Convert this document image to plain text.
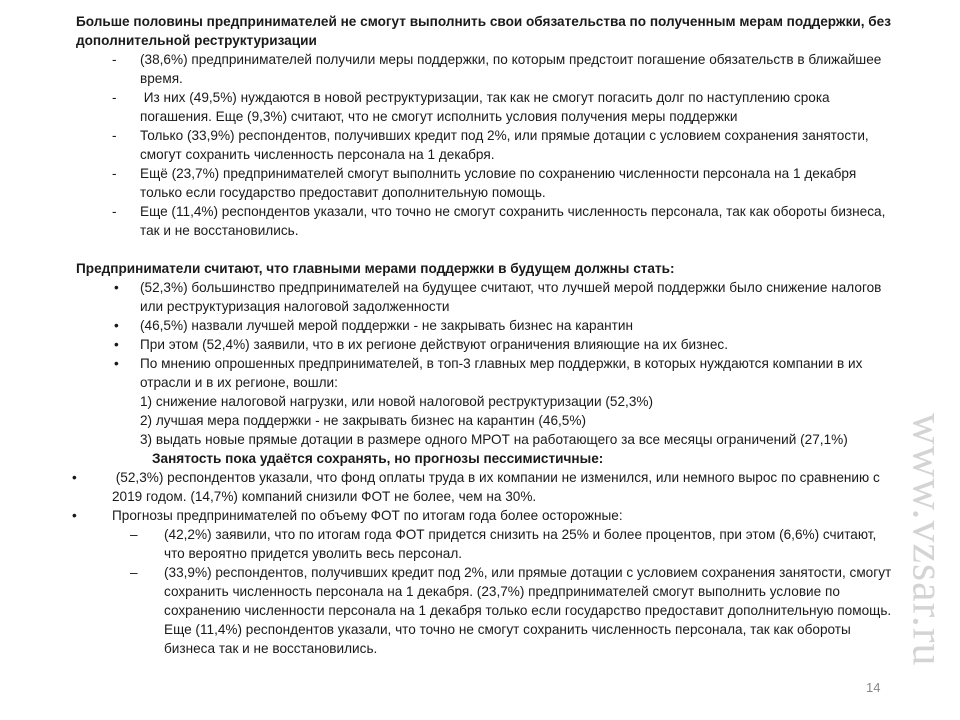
Больше половины предпринимателей не смогут выполнить свои обязательства по полученным мерам поддержки, без дополнительной реструктуризации

- (38,6%) предпринимателей получили меры поддержки, по которым предстоит погашение обязательств в ближайшее время.
- Из них (49,5%) нуждаются в новой реструктуризации, так как не смогут погасить долг по наступлению срока погашения. Еще (9,3%) считают, что не смогут исполнить условия получения меры поддержки
- Только (33,9%) респондентов, получивших кредит под 2%, или прямые дотации с условием сохранения занятости, смогут сохранить численность персонала на 1 декабря.
- Ещё (23,7%) предпринимателей смогут выполнить условие по сохранению численности персонала на 1 декабря только если государство предоставит дополнительную помощь.
- Еще (11,4%) респондентов указали, что точно не смогут сохранить численность персонала, так как обороты бизнеса, так и не восстановились.

Предприниматели считают, что главными мерами поддержки в будущем должны стать:

• (52,3%) большинство предпринимателей на будущее считают, что лучшей мерой поддержки было снижение налогов или реструктуризация налоговой задолженности
• (46,5%) назвали лучшей мерой поддержки - не закрывать бизнес на карантин
• При этом (52,4%) заявили, что в их регионе действуют ограничения влияющие на их бизнес.
• По мнению опрошенных предпринимателей, в топ-3 главных мер поддержки, в которых нуждаются компании в их отрасли и в их регионе, вошли:
1) снижение налоговой нагрузки, или новой налоговой реструктуризации (52,3%)
2) лучшая мера поддержки - не закрывать бизнес на карантин (46,5%)
3) выдать новые прямые дотации в размере одного МРОТ на работающего за все месяцы ограничений (27,1%)

Занятость пока удаётся сохранять, но прогнозы пессимистичные:

•	(52,3%) респондентов указали, что фонд оплаты труда в их компании не изменился, или немного вырос по сравнению с 2019 годом. (14,7%) компаний снизили ФОТ не более, чем на 30%.
•	Прогнозы предпринимателей по объему ФОТ по итогам года более осторожные:
– (42,2%) заявили, что по итогам года ФОТ придется снизить на 25% и более процентов, при этом (6,6%) считают, что вероятно придется уволить весь персонал.
– (33,9%) респондентов, получивших кредит под 2%, или прямые дотации с условием сохранения занятости, смогут сохранить численность персонала на 1 декабря. (23,7%) предпринимателей смогут выполнить условие по сохранению численности персонала на 1 декабря только если государство предоставит дополнительную помощь. Еще (11,4%) респондентов указали, что точно не смогут сохранить численность персонала, так как обороты бизнеса так и не восстановились.	www.vzsar.ru
14
